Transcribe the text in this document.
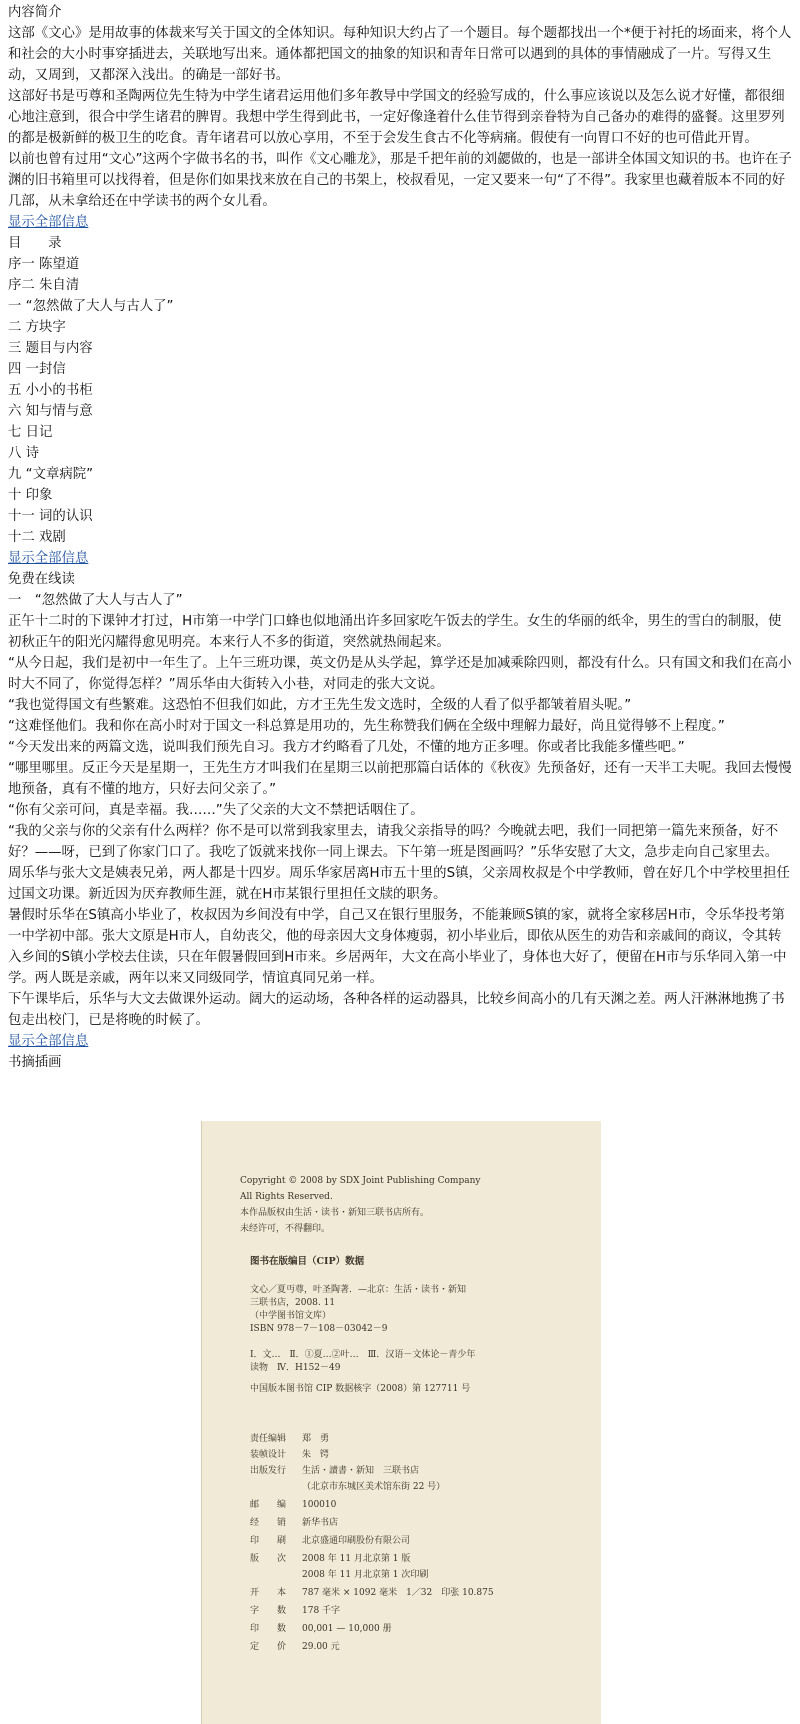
内容简介

这部《文心》是用故事的体裁来写关于国文的全体知识。每种知识大约占了一个题目。每个题都找出一个*便于衬托的场面来，将个人和社会的大小时事穿插进去，关联地写出来。通体都把国文的抽象的知识和青年日常可以遇到的具体的事情融成了一片。写得又生动，又周到，又都深入浅出。的确是一部好书。

这部好书是丏尊和圣陶两位先生特为中学生诸君运用他们多年教导中学国文的经验写成的，什么事应该说以及怎么说才好懂，都很细心地注意到，很合中学生诸君的脾胃。我想中学生得到此书，一定好像逢着什么佳节得到亲眷特为自己备办的难得的盛餐。这里罗列的都是极新鲜的极卫生的吃食。青年诸君可以放心享用，不至于会发生食古不化等病痛。假使有一向胃口不好的也可借此开胃。

以前也曾有过用“文心”这两个字做书名的书，叫作《文心雕龙》，那是千把年前的刘勰做的，也是一部讲全体国文知识的书。也许在子渊的旧书箱里可以找得着，但是你们如果找来放在自己的书架上，校叔看见，一定又要来一句“了不得”。我家里也藏着版本不同的好几部，从未拿给还在中学读书的两个女儿看。

显示全部信息

目　　录

序一 陈望道

序二 朱自清

一 “忽然做了大人与古人了”

二 方块字

三 题目与内容

四 一封信

五 小小的书柜

六 知与情与意

七 日记

八 诗

九 “文章病院”

十 印象

十一 词的认识

十二 戏剧

显示全部信息

免费在线读

一　“忽然做了大人与古人了”

正午十二时的下课钟才打过，H市第一中学门口蜂也似地涌出许多回家吃午饭去的学生。女生的华丽的纸伞，男生的雪白的制服，使初秋正午的阳光闪耀得愈见明亮。本来行人不多的街道，突然就热闹起来。

“从今日起，我们是初中一年生了。上午三班功课，英文仍是从头学起，算学还是加减乘除四则，都没有什么。只有国文和我们在高小时大不同了，你觉得怎样？”周乐华由大街转入小巷，对同走的张大文说。

“我也觉得国文有些繁难。这恐怕不但我们如此，方才王先生发文选时，全级的人看了似乎都皱着眉头呢。”

“这难怪他们。我和你在高小时对于国文一科总算是用功的，先生称赞我们俩在全级中理解力最好，尚且觉得够不上程度。”

“今天发出来的两篇文选，说叫我们预先自习。我方才约略看了几处，不懂的地方正多哩。你或者比我能多懂些吧。”

“哪里哪里。反正今天是星期一，王先生方才叫我们在星期三以前把那篇白话体的《秋夜》先预备好，还有一天半工夫呢。我回去慢慢地预备，真有不懂的地方，只好去问父亲了。”

“你有父亲可问，真是幸福。我……”失了父亲的大文不禁把话咽住了。

“我的父亲与你的父亲有什么两样？你不是可以常到我家里去，请我父亲指导的吗？今晚就去吧，我们一同把第一篇先来预备，好不好？——呀，已到了你家门口了。我吃了饭就来找你一同上课去。下午第一班是图画吗？”乐华安慰了大文，急步走向自己家里去。

周乐华与张大文是姨表兄弟，两人都是十四岁。周乐华家居离H市五十里的S镇，父亲周枚叔是个中学教师，曾在好几个中学校里担任过国文功课。新近因为厌弃教师生涯，就在H市某银行里担任文牍的职务。

暑假时乐华在S镇高小毕业了，枚叔因为乡间没有中学，自己又在银行里服务，不能兼顾S镇的家，就将全家移居H市，令乐华投考第一中学初中部。张大文原是H市人，自幼丧父，他的母亲因大文身体瘦弱，初小毕业后，即依从医生的劝告和亲戚间的商议，令其转入乡间的S镇小学校去住读，只在年假暑假回到H市来。乡居两年，大文在高小毕业了，身体也大好了，便留在H市与乐华同入第一中学。两人既是亲戚，两年以来又同级同学，情谊真同兄弟一样。

下午课毕后，乐华与大文去做课外运动。阔大的运动场，各种各样的运动器具，比较乡间高小的几有天渊之差。两人汗淋淋地携了书包走出校门，已是将晚的时候了。

显示全部信息

书摘插画

Copyright © 2008 by SDX Joint Publishing Company
All Rights Reserved.
本作品版权由生活・读书・新知三联书店所有。
未经许可，不得翻印。
图书在版编目（CIP）数据
文心／夏丏尊，叶圣陶著．—北京：生活・读书・新知
三联书店，2008. 11
（中学图书馆文库）
ISBN 978－7－108－03042－9
Ⅰ．文…　Ⅱ．①夏…②叶…　Ⅲ．汉语－文体论－青少年
读物　Ⅳ．H152－49
中国版本图书馆 CIP 数据核字（2008）第 127711 号
责任编辑 郑　勇
装帧设计 朱　锷
出版发行 生活・讀書・新知　三联书店
（北京市东城区美术馆东街 22 号）
邮　　编 100010
经　　销 新华书店
印　　刷 北京盛通印刷股份有限公司
版　　次 2008 年 11 月北京第 1 版
2008 年 11 月北京第 1 次印刷
开　　本 787 毫米 × 1092 毫米　1／32　印张 10.875
字　　数 178 千字
印　　数 00,001 — 10,000 册
定　　价 29.00 元
